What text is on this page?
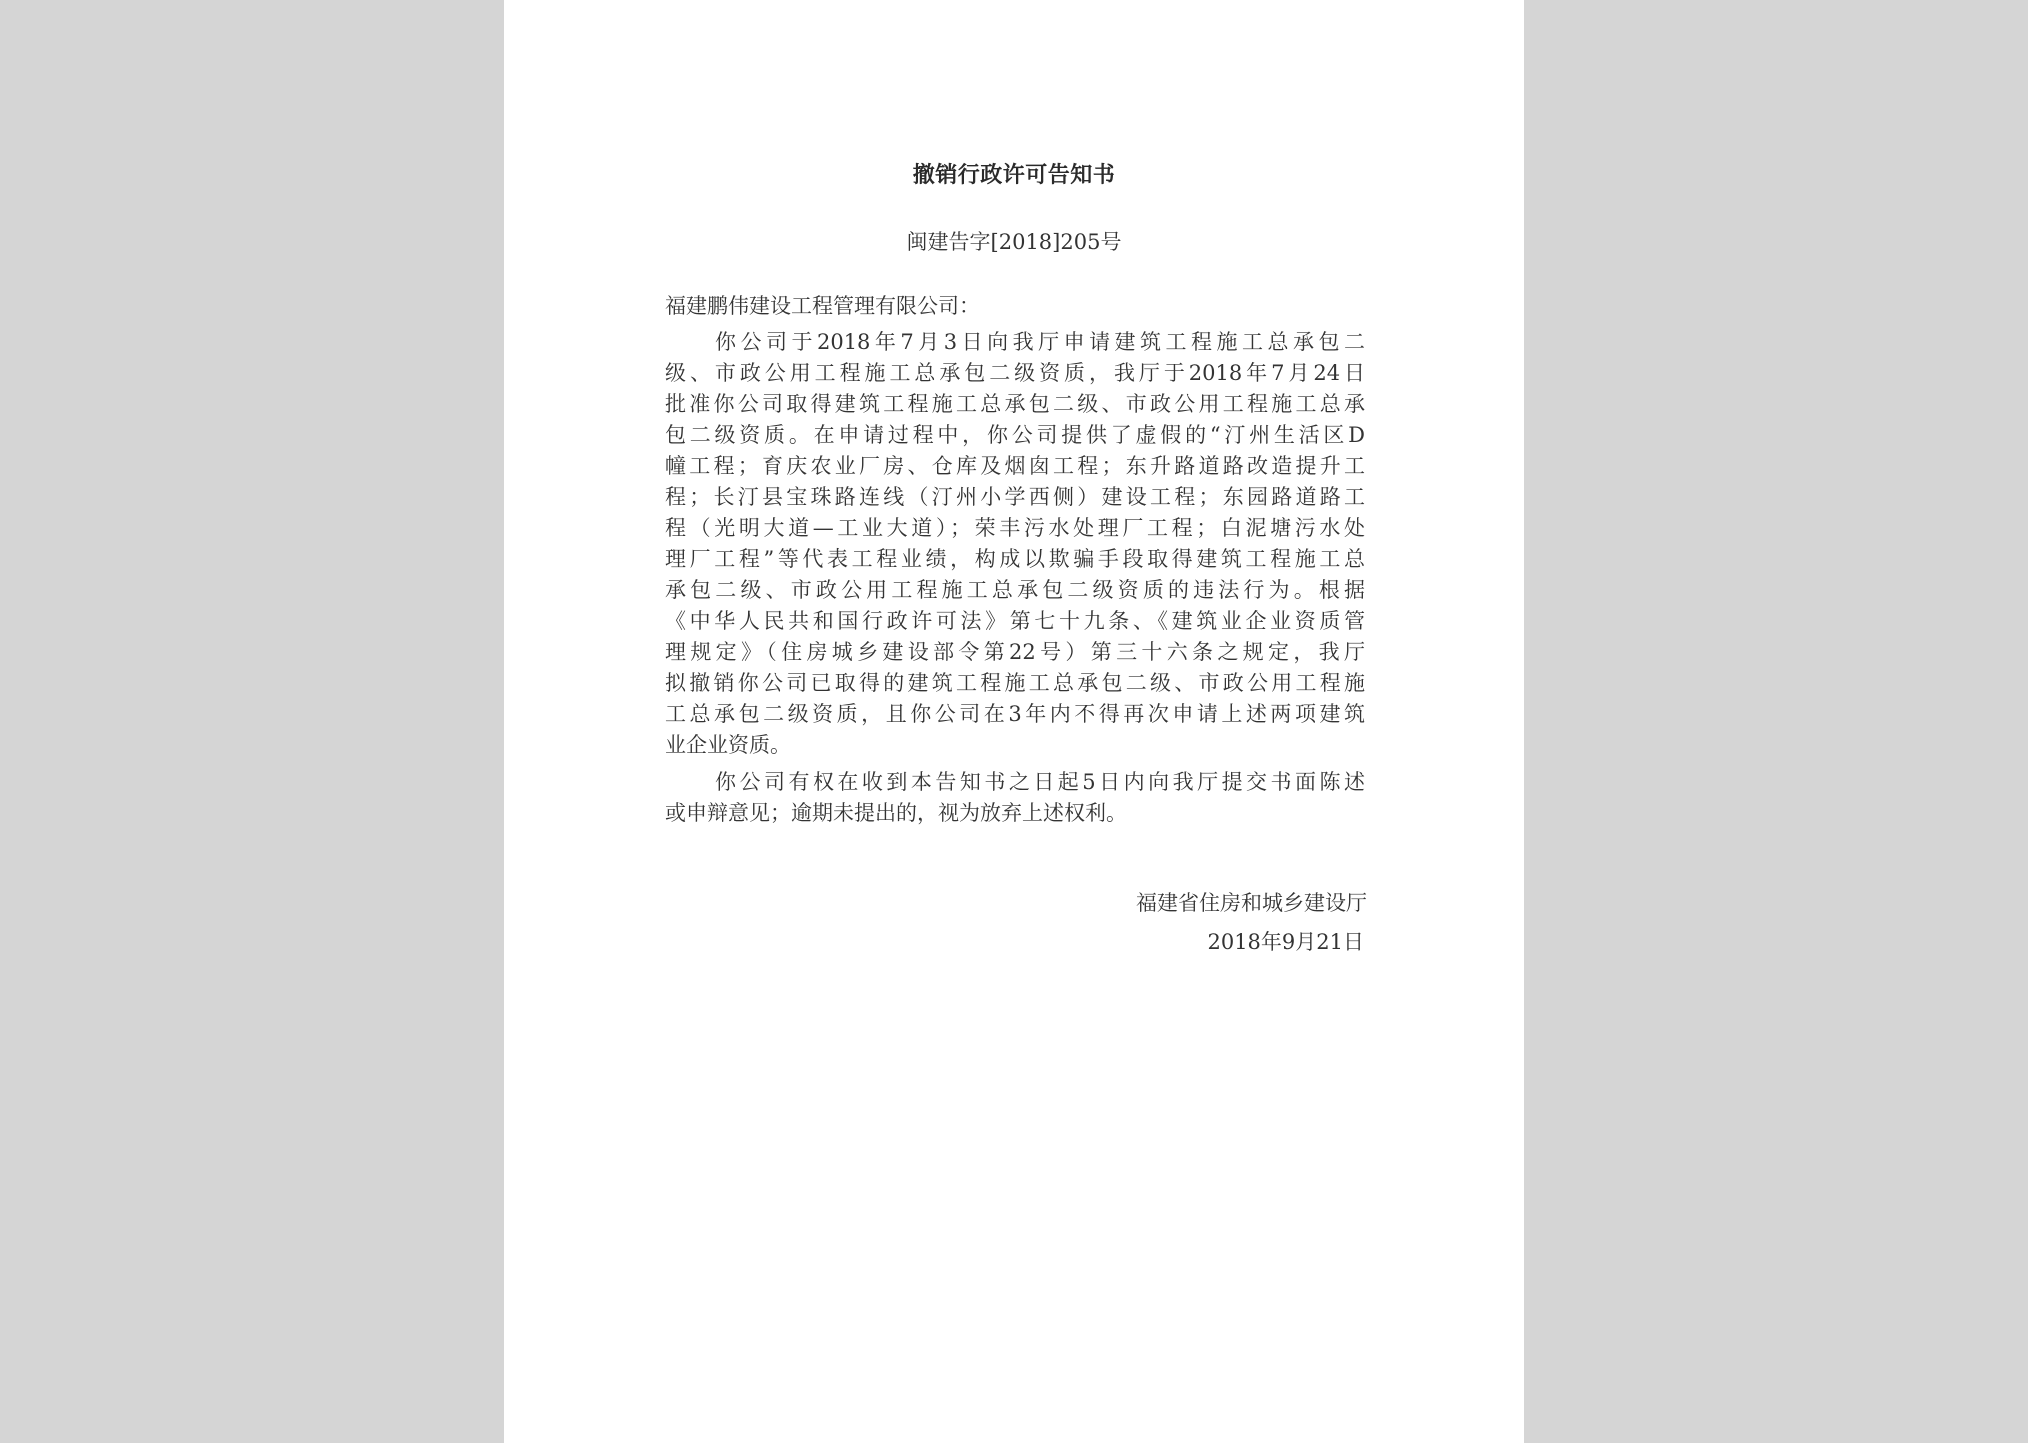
撤销行政许可告知书
闽建告字[2018]205号
福建鹏伟建设工程管理有限公司：
你公司于2018年7月3日向我厅申请建筑工程施工总承包二
级、市政公用工程施工总承包二级资质，我厅于2018年7月24日
批准你公司取得建筑工程施工总承包二级、市政公用工程施工总承
包二级资质。在申请过程中，你公司提供了虚假的“汀州生活区D
幢工程；育庆农业厂房、仓库及烟囱工程；东升路道路改造提升工
程；长汀县宝珠路连线（汀州小学西侧）建设工程；东园路道路工
程（光明大道—工业大道）；荣丰污水处理厂工程；白泥塘污水处
理厂工程”等代表工程业绩，构成以欺骗手段取得建筑工程施工总
承包二级、市政公用工程施工总承包二级资质的违法行为。根据
《中华人民共和国行政许可法》第七十九条、《建筑业企业资质管
理规定》（住房城乡建设部令第22号）第三十六条之规定，我厅
拟撤销你公司已取得的建筑工程施工总承包二级、市政公用工程施
工总承包二级资质，且你公司在3年内不得再次申请上述两项建筑
业企业资质。
你公司有权在收到本告知书之日起5日内向我厅提交书面陈述
或申辩意见；逾期未提出的，视为放弃上述权利。
福建省住房和城乡建设厅
2018年9月21日
